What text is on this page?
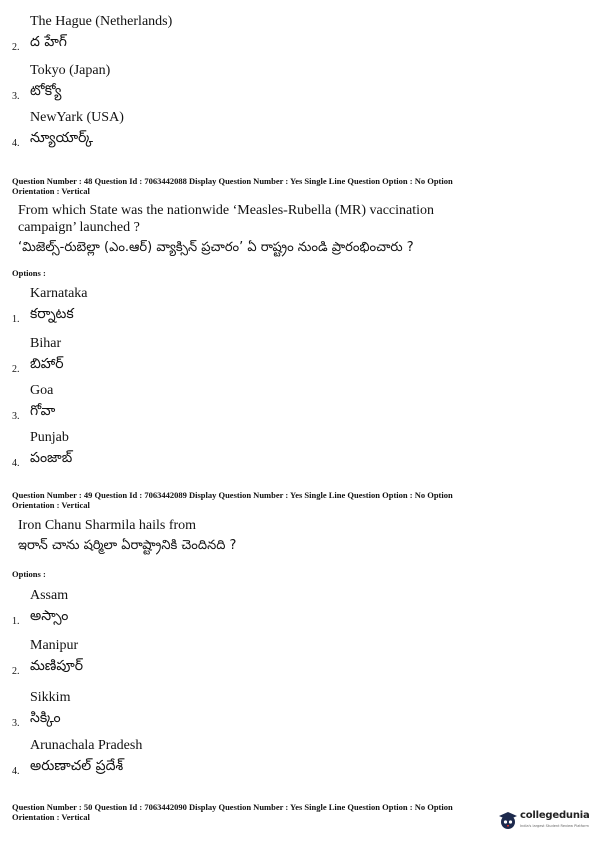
The Hague (Netherlands)
2. ద హేగ్
3.
Tokyo (Japan)
టోక్యో
4.
NewYark (USA)
న్యూయార్క్
Question Number : 48 Question Id : 7063442088 Display Question Number : Yes Single Line Question Option : No Option
Orientation : Vertical
From which State was the nationwide ‘Measles-Rubella (MR) vaccination
campaign’ launched ?
‘మిజెల్స్-రుబెల్లా (ఎం.ఆర్) వ్యాక్సిన్ ప్రచారం’ ఏ రాష్ట్రం నుండి ప్రారంభించారు ?
Options :
1.
Karnataka
కర్నాటక
2.
Bihar
బిహార్
3.
Goa
గోవా
4.
Punjab
పంజాబ్
Question Number : 49 Question Id : 7063442089 Display Question Number : Yes Single Line Question Option : No Option
Orientation : Vertical
Iron Chanu Sharmila hails from
ఇరాన్ చాను షర్మిలా ఏరాష్ట్రానికి చెందినది ?
Options :
1.
Assam
అస్సాం
2.
Manipur
మణిపూర్
3.
Sikkim
సిక్కిం
4.
Arunachala Pradesh
అరుణాచల్ ప్రదేశ్
Question Number : 50 Question Id : 7063442090 Display Question Number : Yes Single Line Question Option : No Option
Orientation : Vertical	collegedunia
India's largest Student Review Platform
